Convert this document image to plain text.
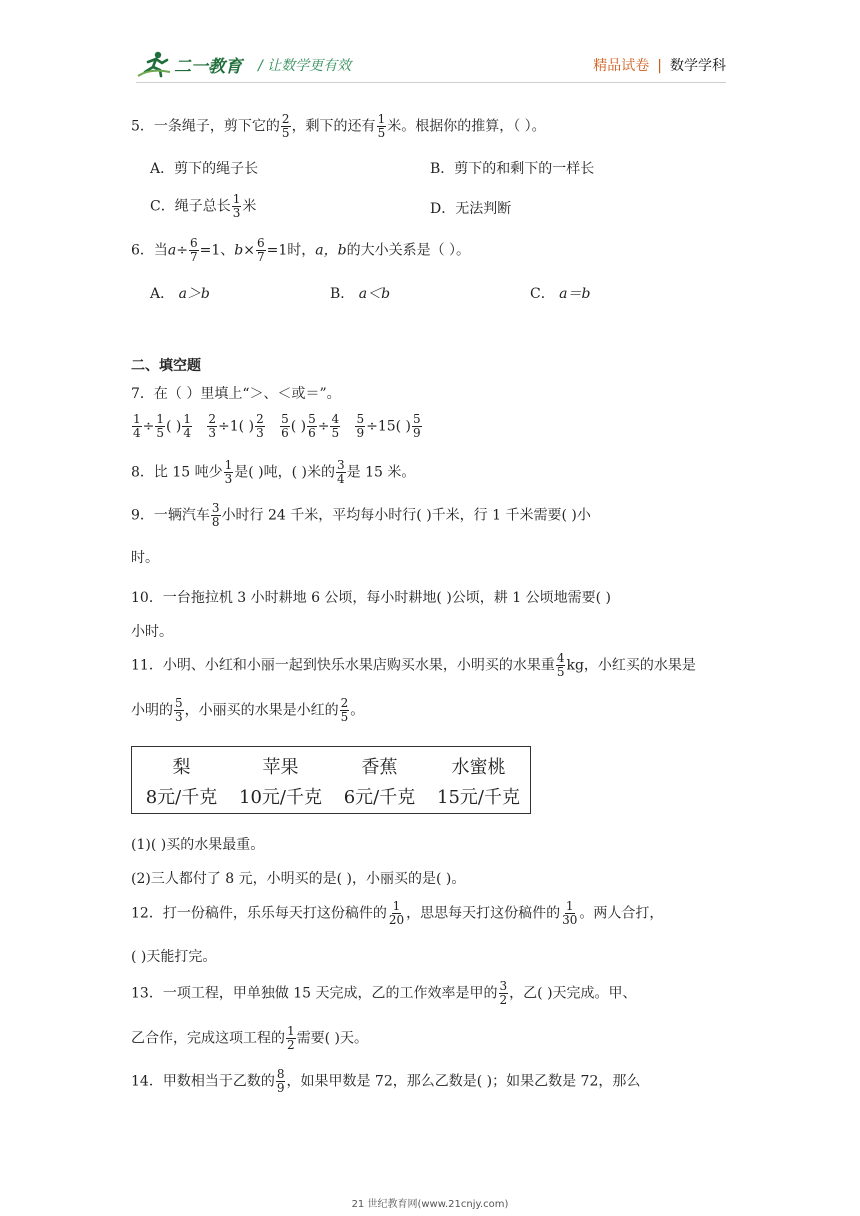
二一教育 / 让数学更有效	精品试卷 | 数学学科
5．一条绳子，剪下它的 $\frac{2}{5}$ ，剩下的还有 $\frac{1}{5}$ 米。根据你的推算，（ ）。
A．剪下的绳子长	B．剪下的和剩下的一样长
C．绳子总长 $\frac{1}{3}$ 米	D．无法判断
6．当$a\div \frac{6}{7} =1$、$b\times \frac{6}{7} =1$时，a，b的大小关系是（ ）。
A． a＞b	B． a＜b	C． a＝b
二、填空题
7．在（ ）里填上“＞、＜或＝”。
$\frac{1}{4} \div \frac{1}{5}$ ( ) $\frac{1}{4}$
$\frac{2}{3} \div 1$( ) $\frac{2}{3}$
$\frac{5}{6}$ ( ) $\frac{5}{6} \div \frac{4}{5}$
$\frac{5}{9} \div 15$( ) $\frac{5}{9}$
8．比 15 吨少 $\frac{1}{3}$ 是( )吨，( )米的 $\frac{3}{4}$ 是 15 米。
9．一辆汽车 $\frac{3}{8}$ 小时行 24 千米，平均每小时行( )千米，行 1 千米需要( )小
时。
10．一台拖拉机 3 小时耕地 6 公顷，每小时耕地( )公顷，耕 1 公顷地需要( )
小时。
11．小明、小红和小丽一起到快乐水果店购买水果，小明买的水果重 $\frac{4}{5}$ kg，小红买的水果是
小明的 $\frac{5}{3}$ ，小丽买的水果是小红的 $\frac{2}{5}$ 。
梨	苹果	香蕉	水蜜桃
8元/千克	10元/千克	6元/千克	15元/千克
(1)( )买的水果最重。
(2)三人都付了 8 元，小明买的是( )，小丽买的是( )。
12．打一份稿件，乐乐每天打这份稿件的 $\frac{1}{20}$ ，思思每天打这份稿件的 $\frac{1}{30}$ 。两人合打，
( )天能打完。
13．一项工程，甲单独做 15 天完成，乙的工作效率是甲的 $\frac{3}{2}$ ，乙( )天完成。甲、
乙合作，完成这项工程的 $\frac{1}{2}$ 需要( )天。
14．甲数相当于乙数的 $\frac{8}{9}$ ，如果甲数是 72，那么乙数是( )；如果乙数是 72，那么
21 世纪教育网(www.21cnjy.com)
